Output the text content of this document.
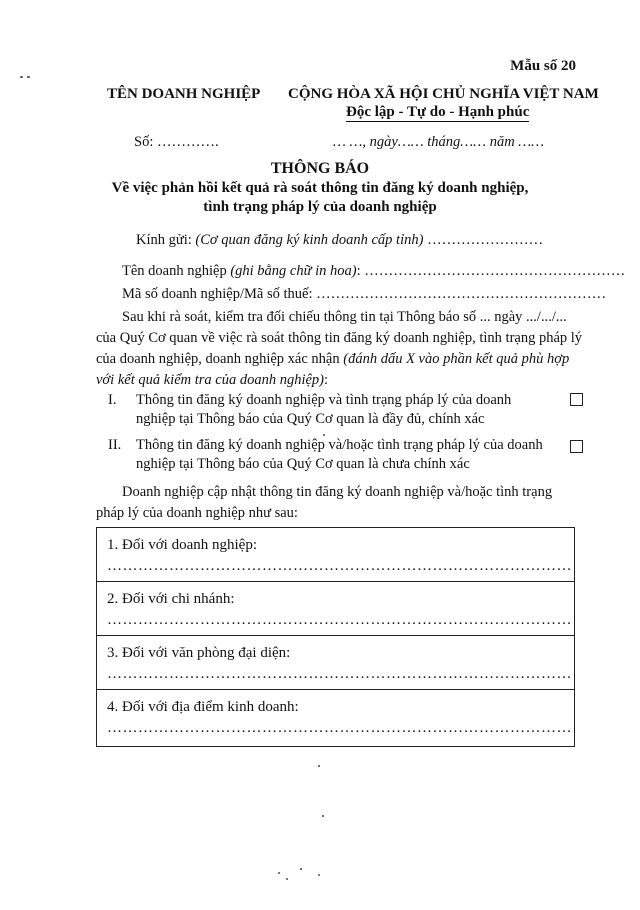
Mẫu số 20
TÊN DOANH NGHIỆP CỘNG HÒA XÃ HỘI CHỦ NGHĨA VIỆT NAM
Độc lập - Tự do - Hạnh phúc
Số: ………….	… …, ngày…… tháng…… năm ……
THÔNG BÁO
Về việc phản hồi kết quả rà soát thông tin đăng ký doanh nghiệp,
tình trạng pháp lý của doanh nghiệp
Kính gửi: (Cơ quan đăng ký kinh doanh cấp tỉnh) ……………………
Tên doanh nghiệp (ghi bằng chữ in hoa): ………………………………………………
Mã số doanh nghiệp/Mã số thuế: ……………………………………………………
Sau khi rà soát, kiểm tra đối chiếu thông tin tại Thông báo số ... ngày .../.../...
của Quý Cơ quan về việc rà soát thông tin đăng ký doanh nghiệp, tình trạng pháp lý
của doanh nghiệp, doanh nghiệp xác nhận (đánh dấu X vào phần kết quả phù hợp
với kết quả kiểm tra của doanh nghiệp):
I. Thông tin đăng ký doanh nghiệp và tình trạng pháp lý của doanh
nghiệp tại Thông báo của Quý Cơ quan là đầy đủ, chính xác
II. Thông tin đăng ký doanh nghiệp và/hoặc tình trạng pháp lý của doanh
nghiệp tại Thông báo của Quý Cơ quan là chưa chính xác
Doanh nghiệp cập nhật thông tin đăng ký doanh nghiệp và/hoặc tình trạng
pháp lý của doanh nghiệp như sau:
1. Đối với doanh nghiệp:
………………………………………………………………………………
2. Đối với chi nhánh:
………………………………………………………………………………
3. Đối với văn phòng đại diện:
………………………………………………………………………………
4. Đối với địa điểm kinh doanh:
………………………………………………………………………………
